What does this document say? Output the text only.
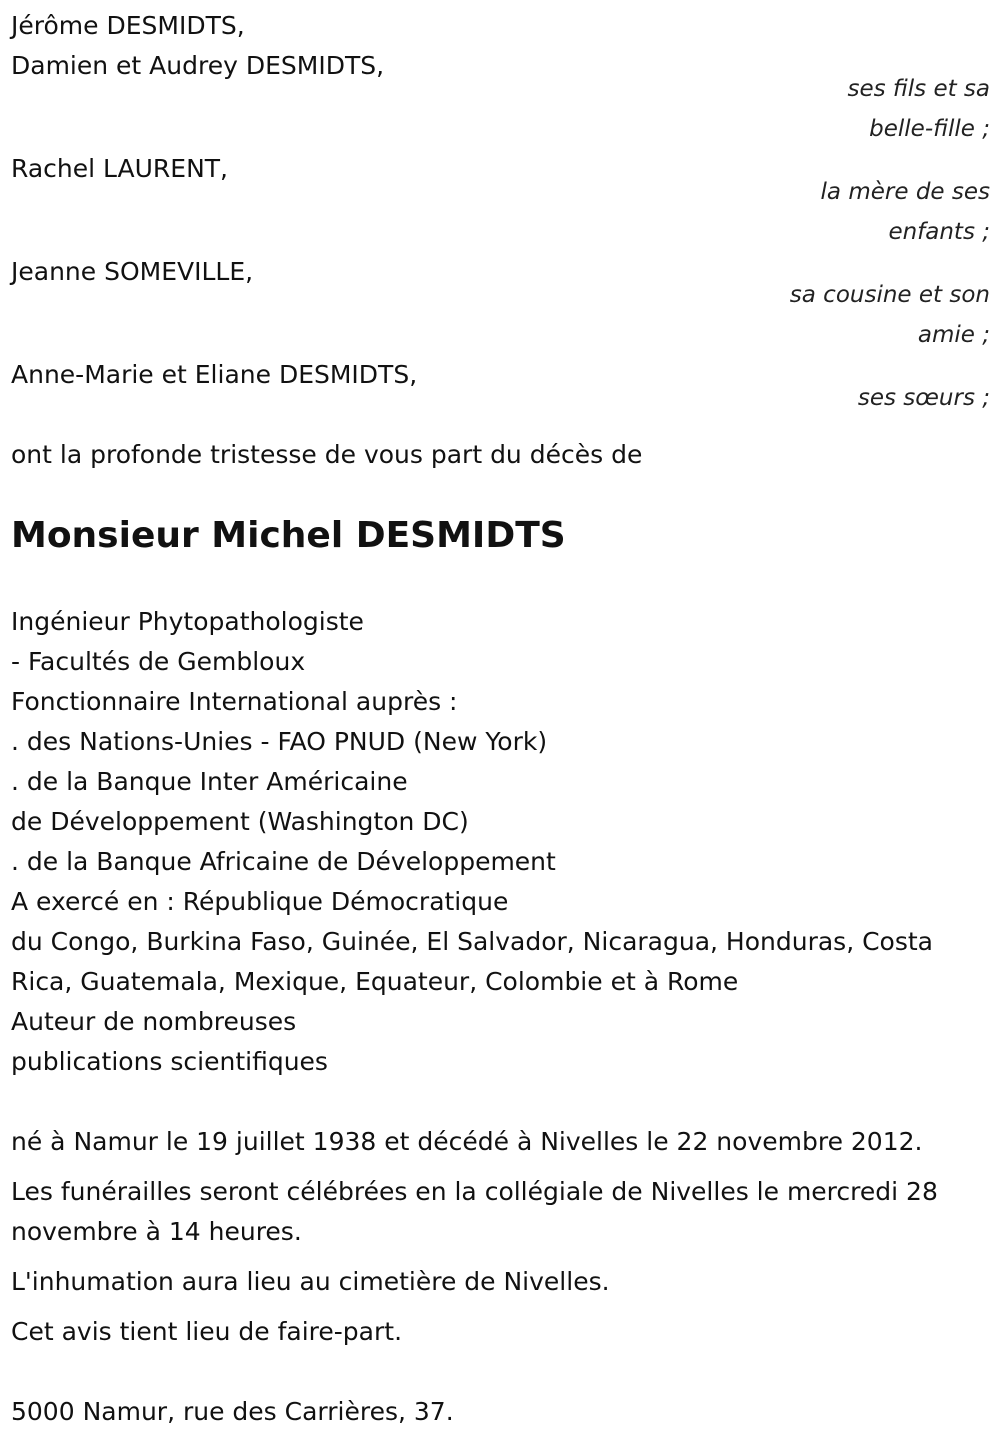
Jérôme DESMIDTS,
Damien et Audrey DESMIDTS,
ses fils et sa
belle-fille ;
Rachel LAURENT,
la mère de ses
enfants ;
Jeanne SOMEVILLE,
sa cousine et son
amie ;
Anne-Marie et Eliane DESMIDTS,
ses sœurs ;
ont la profonde tristesse de vous part du décès de
Monsieur Michel DESMIDTS
Ingénieur Phytopathologiste
- Facultés de Gembloux
Fonctionnaire International auprès :
. des Nations-Unies - FAO PNUD (New York)
. de la Banque Inter Américaine
de Développement (Washington DC)
. de la Banque Africaine de Développement
A exercé en : République Démocratique
du Congo, Burkina Faso, Guinée, El Salvador, Nicaragua, Honduras, Costa
Rica, Guatemala, Mexique, Equateur, Colombie et à Rome
Auteur de nombreuses
publications scientifiques
né à Namur le 19 juillet 1938 et décédé à Nivelles le 22 novembre 2012.
Les funérailles seront célébrées en la collégiale de Nivelles le mercredi 28 novembre à 14 heures.
L'inhumation aura lieu au cimetière de Nivelles.
Cet avis tient lieu de faire-part.
5000 Namur, rue des Carrières, 37.
